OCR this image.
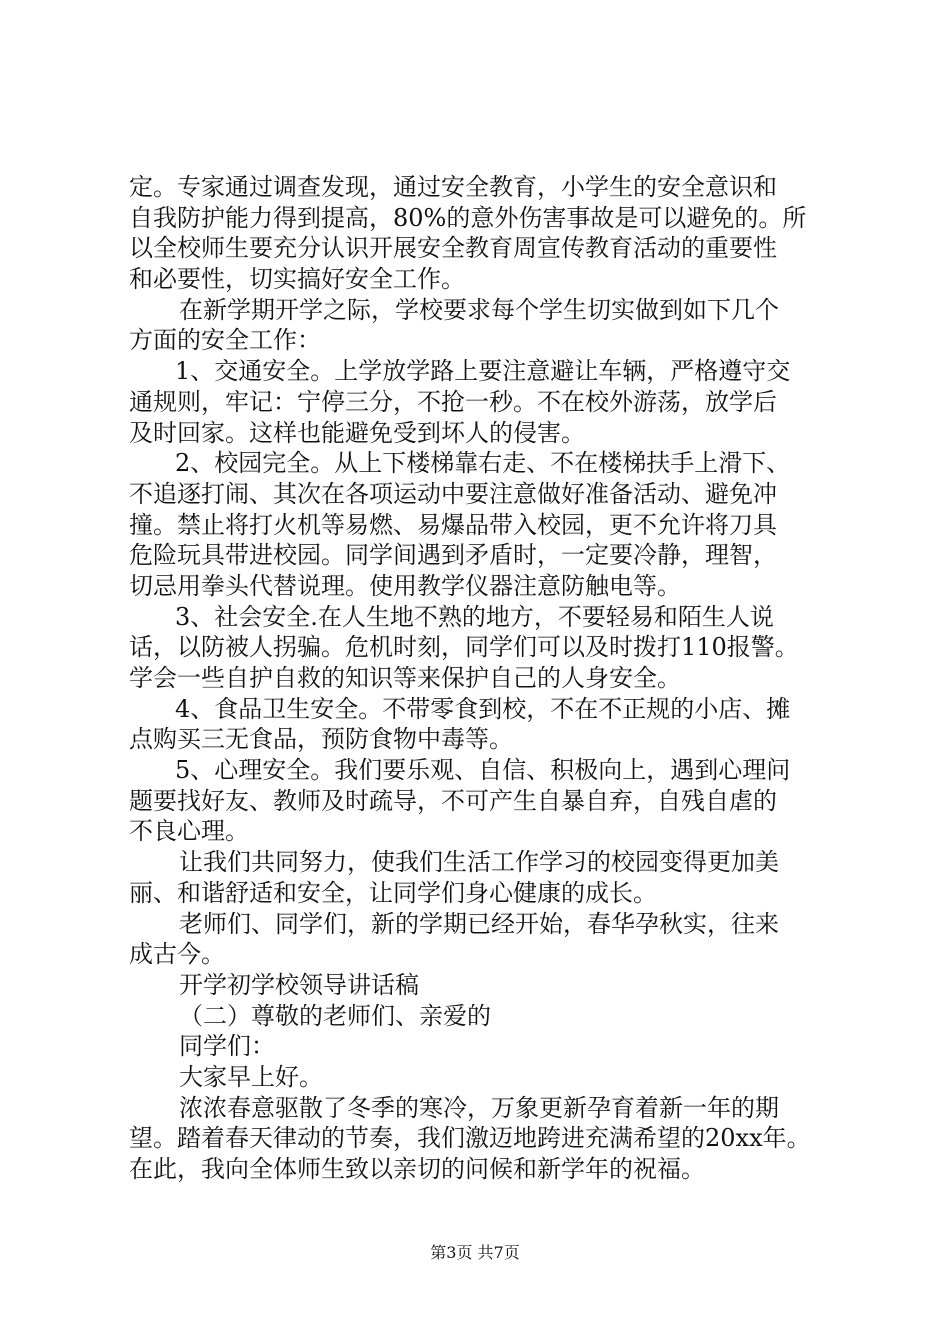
定。专家通过调查发现，通过安全教育，小学生的安全意识和
自我防护能力得到提高，80%的意外伤害事故是可以避免的。所
以全校师生要充分认识开展安全教育周宣传教育活动的重要性
和必要性，切实搞好安全工作。
在新学期开学之际，学校要求每个学生切实做到如下几个
方面的安全工作：
1、交通安全。上学放学路上要注意避让车辆，严格遵守交
通规则，牢记：宁停三分，不抢一秒。不在校外游荡，放学后
及时回家。这样也能避免受到坏人的侵害。
2、校园完全。从上下楼梯靠右走、不在楼梯扶手上滑下、
不追逐打闹、其次在各项运动中要注意做好准备活动、避免冲
撞。禁止将打火机等易燃、易爆品带入校园，更不允许将刀具
危险玩具带进校园。同学间遇到矛盾时，一定要冷静，理智，
切忌用拳头代替说理。使用教学仪器注意防触电等。
3、社会安全.在人生地不熟的地方，不要轻易和陌生人说
话，以防被人拐骗。危机时刻，同学们可以及时拨打110报警。
学会一些自护自救的知识等来保护自己的人身安全。
4、食品卫生安全。不带零食到校，不在不正规的小店、摊
点购买三无食品，预防食物中毒等。
5、心理安全。我们要乐观、自信、积极向上，遇到心理问
题要找好友、教师及时疏导，不可产生自暴自弃，自残自虐的
不良心理。
让我们共同努力，使我们生活工作学习的校园变得更加美
丽、和谐舒适和安全，让同学们身心健康的成长。
老师们、同学们，新的学期已经开始，春华孕秋实，往来
成古今。
开学初学校领导讲话稿
（二）尊敬的老师们、亲爱的
同学们：
大家早上好。
浓浓春意驱散了冬季的寒冷，万象更新孕育着新一年的期
望。踏着春天律动的节奏，我们激迈地跨进充满希望的20xx年。
在此，我向全体师生致以亲切的问候和新学年的祝福。
第3页 共7页
